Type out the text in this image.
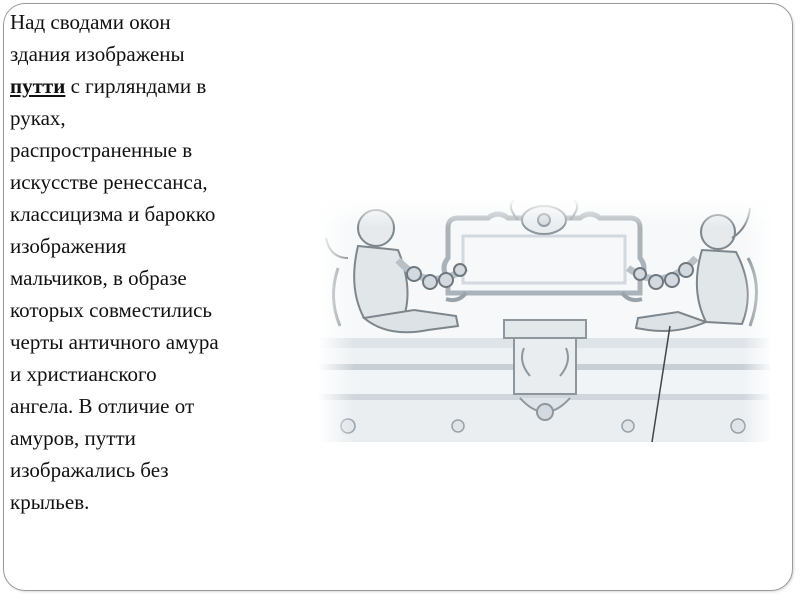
Над сводами окон
здания изображены
путти с гирляндами в
руках,
распространенные в
искусстве ренессанса,
классицизма и барокко
изображения
мальчиков, в образе
которых совместились
черты античного амура
и христианского
ангела. В отличие от
амуров, путти
изображались без
крыльев.
